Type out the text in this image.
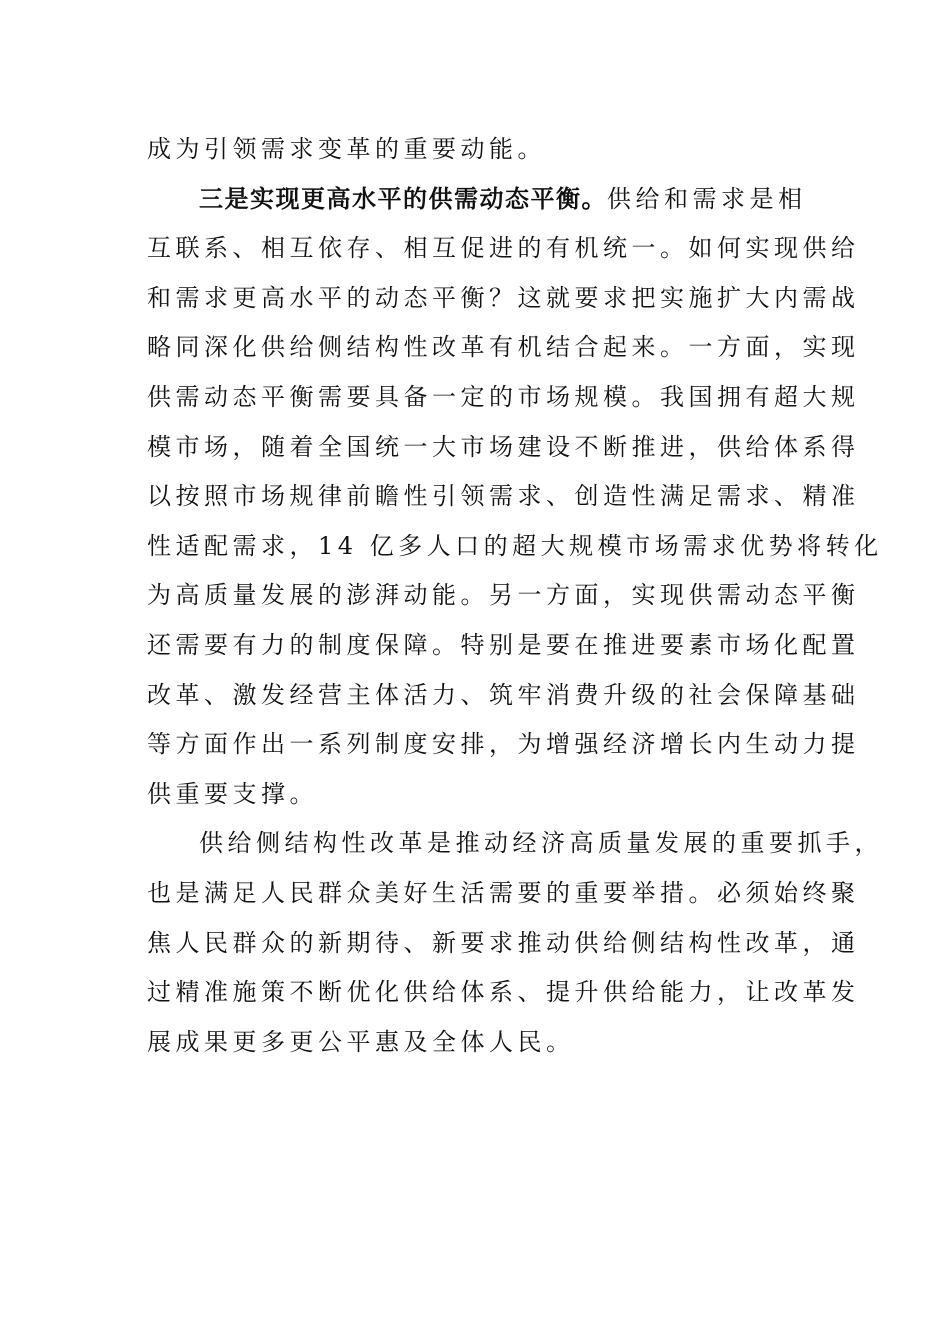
成为引领需求变革的重要动能。
三是实现更高水平的供需动态平衡。供给和需求是相
互联系、相互依存、相互促进的有机统一。如何实现供给
和需求更高水平的动态平衡？这就要求把实施扩大内需战
略同深化供给侧结构性改革有机结合起来。一方面，实现
供需动态平衡需要具备一定的市场规模。我国拥有超大规
模市场，随着全国统一大市场建设不断推进，供给体系得
以按照市场规律前瞻性引领需求、创造性满足需求、精准
性适配需求，14 亿多人口的超大规模市场需求优势将转化
为高质量发展的澎湃动能。另一方面，实现供需动态平衡
还需要有力的制度保障。特别是要在推进要素市场化配置
改革、激发经营主体活力、筑牢消费升级的社会保障基础
等方面作出一系列制度安排，为增强经济增长内生动力提
供重要支撑。
供给侧结构性改革是推动经济高质量发展的重要抓手，
也是满足人民群众美好生活需要的重要举措。必须始终聚
焦人民群众的新期待、新要求推动供给侧结构性改革，通
过精准施策不断优化供给体系、提升供给能力，让改革发
展成果更多更公平惠及全体人民。
